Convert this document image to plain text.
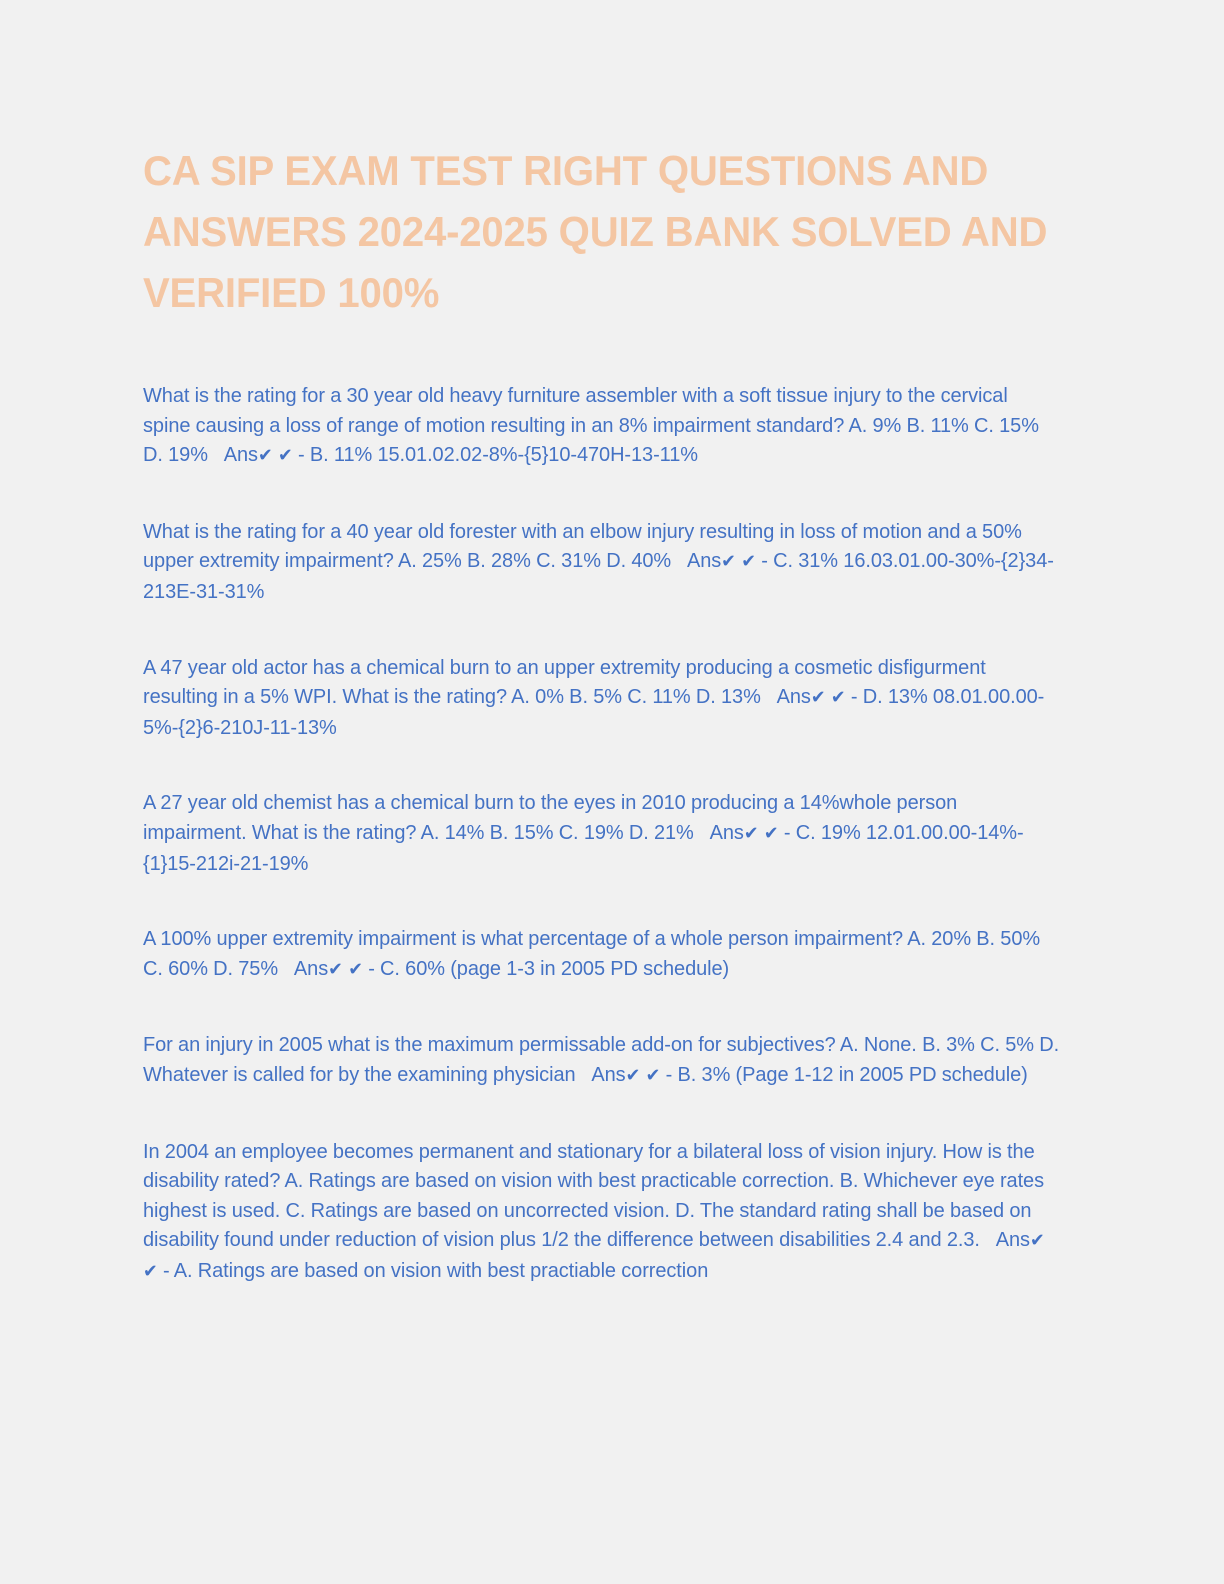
CA SIP EXAM TEST RIGHT QUESTIONS AND ANSWERS 2024-2025 QUIZ BANK SOLVED AND VERIFIED 100%

What is the rating for a 30 year old heavy furniture assembler with a soft tissue injury to the cervical spine causing a loss of range of motion resulting in an 8% impairment standard? A. 9% B. 11% C. 15% D. 19% Ans✔ ✔ - B. 11% 15.01.02.02-8%-{5}10-470H-13-11%

What is the rating for a 40 year old forester with an elbow injury resulting in loss of motion and a 50% upper extremity impairment? A. 25% B. 28% C. 31% D. 40% Ans✔ ✔ - C. 31% 16.03.01.00-30%-{2}34-213E-31-31%

A 47 year old actor has a chemical burn to an upper extremity producing a cosmetic disfigurment resulting in a 5% WPI. What is the rating? A. 0% B. 5% C. 11% D. 13% Ans✔ ✔ - D. 13% 08.01.00.00-5%-{2}6-210J-11-13%

A 27 year old chemist has a chemical burn to the eyes in 2010 producing a 14%whole person impairment. What is the rating? A. 14% B. 15% C. 19% D. 21% Ans✔ ✔ - C. 19% 12.01.00.00-14%-{1}15-212i-21-19%

A 100% upper extremity impairment is what percentage of a whole person impairment? A. 20% B. 50% C. 60% D. 75% Ans✔ ✔ - C. 60% (page 1-3 in 2005 PD schedule)

For an injury in 2005 what is the maximum permissable add-on for subjectives? A. None. B. 3% C. 5% D. Whatever is called for by the examining physician Ans✔ ✔ - B. 3% (Page 1-12 in 2005 PD schedule)

In 2004 an employee becomes permanent and stationary for a bilateral loss of vision injury. How is the disability rated? A. Ratings are based on vision with best practicable correction. B. Whichever eye rates highest is used. C. Ratings are based on uncorrected vision. D. The standard rating shall be based on disability found under reduction of vision plus 1/2 the difference between disabilities 2.4 and 2.3. Ans✔ ✔ - A. Ratings are based on vision with best practiable correction
